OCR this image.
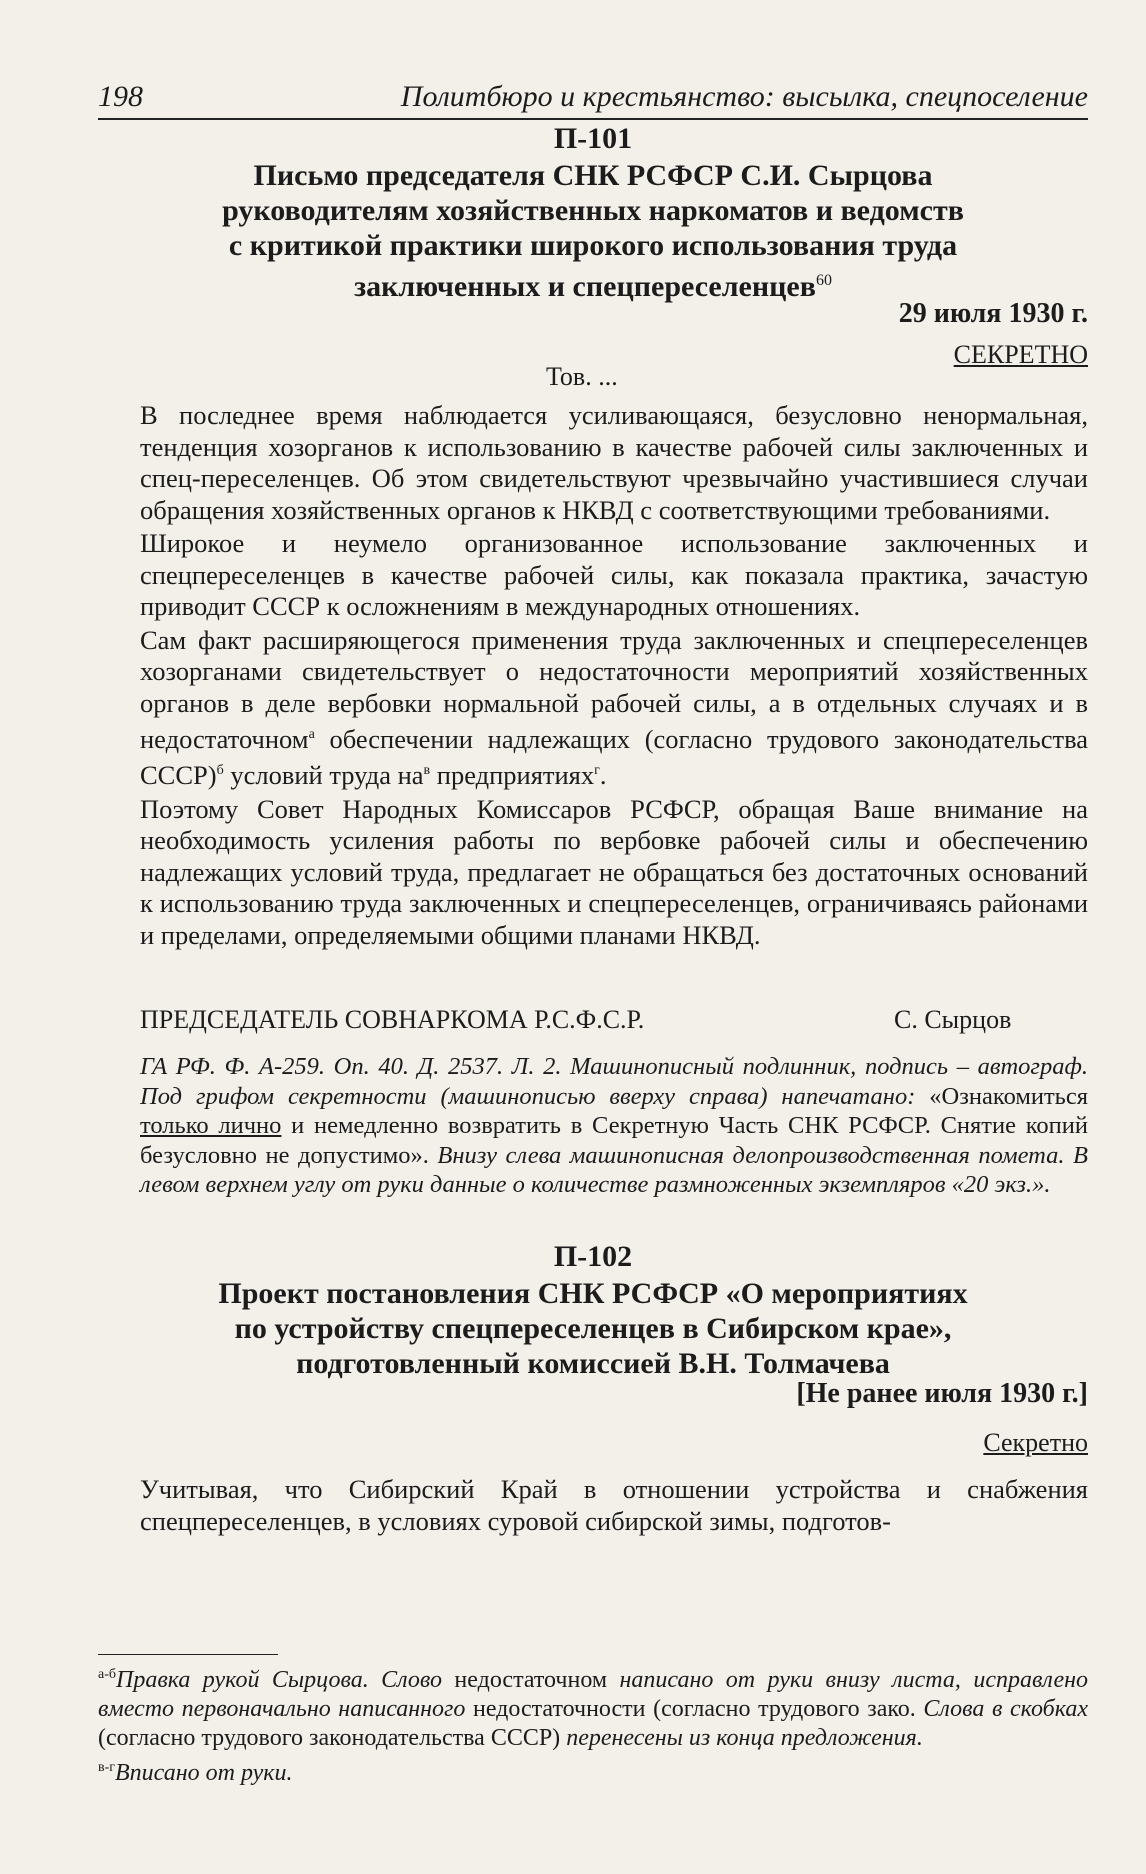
198	Политбюро и крестьянство: высылка, спецпоселение
П-101
Письмо председателя СНК РСФСР С.И. Сырцова
руководителям хозяйственных наркоматов и ведомств
с критикой практики широкого использования труда
заключенных и спецпереселенцев$^{60}$
29 июля 1930 г.
СЕКРЕТНО
Тов. ...

В последнее время наблюдается усиливающаяся, безусловно ненормальная, тенденция хозорганов к использованию в качестве рабочей силы заключенных и спец-переселенцев. Об этом свидетельствуют чрезвычайно участившиеся случаи обращения хозяйственных органов к НКВД с соответствующими требованиями.

Широкое и неумело организованное использование заключенных и спецпереселенцев в качестве рабочей силы, как показала практика, зачастую приводит СССР к осложнениям в международных отношениях.

Сам факт расширяющегося применения труда заключенных и спецпереселенцев хозорганами свидетельствует о недостаточности мероприятий хозяйственных органов в деле вербовки нормальной рабочей силы, а в отдельных случаях и в недостаточном$^а$ обеспечении надлежащих (согласно трудового законодательства СССР)$^б$ условий труда $на^в$ предприятиях$^г$.

Поэтому Совет Народных Комиссаров РСФСР, обращая Ваше внимание на необходимость усиления работы по вербовке рабочей силы и обеспечению надлежащих условий труда, предлагает не обращаться без достаточных оснований к использованию труда заключенных и спецпереселенцев, ограничиваясь районами и пределами, определяемыми общими планами НКВД.

ПРЕДСЕДАТЕЛЬ СОВНАРКОМА Р.С.Ф.С.Р.	С. Сырцов
ГА РФ. Ф. А-259. Оп. 40. Д. 2537. Л. 2. Машинописный подлинник, подпись – автограф. Под грифом секретности (машинописью вверху справа) напечатано: «Ознакомиться только лично и немедленно возвратить в Секретную Часть СНК РСФСР. Снятие копий безусловно не допустимо». Внизу слева машинописная делопроизводственная помета. В левом верхнем углу от руки данные о количестве размноженных экземпляров «20 экз.».
П-102
Проект постановления СНК РСФСР «О мероприятиях
по устройству спецпереселенцев в Сибирском крае»,
подготовленный комиссией В.Н. Толмачева
[Не ранее июля 1930 г.]
Секретно

Учитывая, что Сибирский Край в отношении устройства и снабжения спецпереселенцев, в условиях суровой сибирской зимы, подготов-

$^{а-б}$Правка рукой Сырцова. Слово недостаточном написано от руки внизу листа, исправлено вместо первоначально написанного недостаточности (согласно трудового зако. Слова в скобках (согласно трудового законодательства СССР) перенесены из конца предложения.
$^{в-г}$Вписано от руки.
